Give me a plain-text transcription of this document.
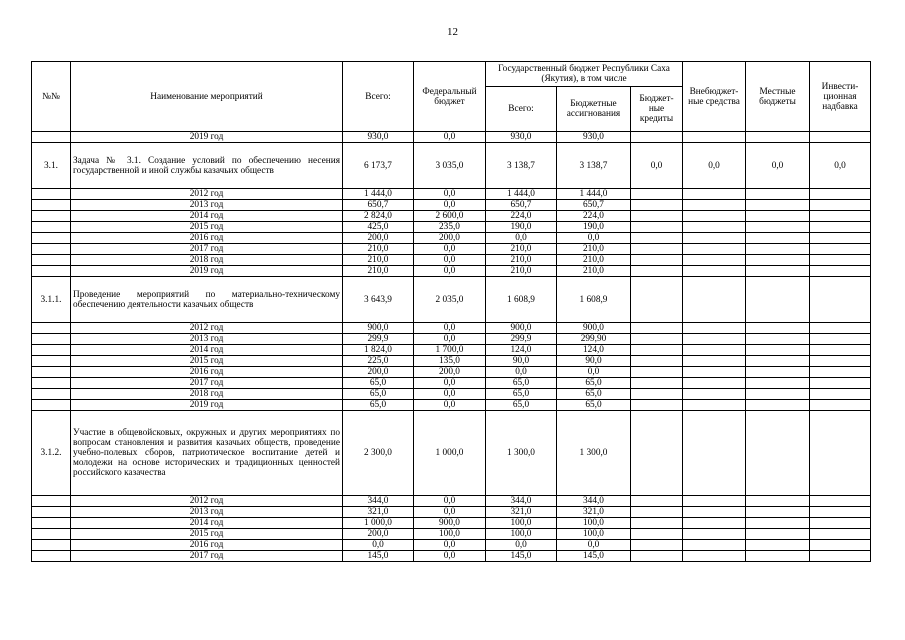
12
№№	Наименование мероприятий	Всего:	Федеральный бюджет	Государственный бюджет Республики Саха (Якутия), в том числе			Внебюджет-ные средства	Местные бюджеты	Инвести-ционная надбавка
				Всего:	Бюджетные ассигнования	Бюджет-ные кредиты			
	2019 год	930,0	0,0	930,0	930,0				
3.1.	Задача № 3.1. Создание условий по обеспечению несения государственной и иной службы казачьих обществ	6 173,7	3 035,0	3 138,7	3 138,7	0,0	0,0	0,0	0,0
	2012 год	1 444,0	0,0	1 444,0	1 444,0				
	2013 год	650,7	0,0	650,7	650,7				
	2014 год	2 824,0	2 600,0	224,0	224,0				
	2015 год	425,0	235,0	190,0	190,0				
	2016 год	200,0	200,0	0,0	0,0				
	2017 год	210,0	0,0	210,0	210,0				
	2018 год	210,0	0,0	210,0	210,0				
	2019 год	210,0	0,0	210,0	210,0				
3.1.1.	Проведение мероприятий по материально-техническому обеспечению деятельности казачьих обществ	3 643,9	2 035,0	1 608,9	1 608,9				
	2012 год	900,0	0,0	900,0	900,0				
	2013 год	299,9	0,0	299,9	299,90				
	2014 год	1 824,0	1 700,0	124,0	124,0				
	2015 год	225,0	135,0	90,0	90,0				
	2016 год	200,0	200,0	0,0	0,0				
	2017 год	65,0	0,0	65,0	65,0				
	2018 год	65,0	0,0	65,0	65,0				
	2019 год	65,0	0,0	65,0	65,0				
3.1.2.	Участие в общевойсковых, окружных и других мероприятиях по вопросам становления и развития казачьих обществ, проведение учебно-полевых сборов, патриотическое воспитание детей и молодежи на основе исторических и традиционных ценностей российского казачества	2 300,0	1 000,0	1 300,0	1 300,0				
	2012 год	344,0	0,0	344,0	344,0				
	2013 год	321,0	0,0	321,0	321,0				
	2014 год	1 000,0	900,0	100,0	100,0				
	2015 год	200,0	100,0	100,0	100,0				
	2016 год	0,0	0,0	0,0	0,0				
	2017 год	145,0	0,0	145,0	145,0				
